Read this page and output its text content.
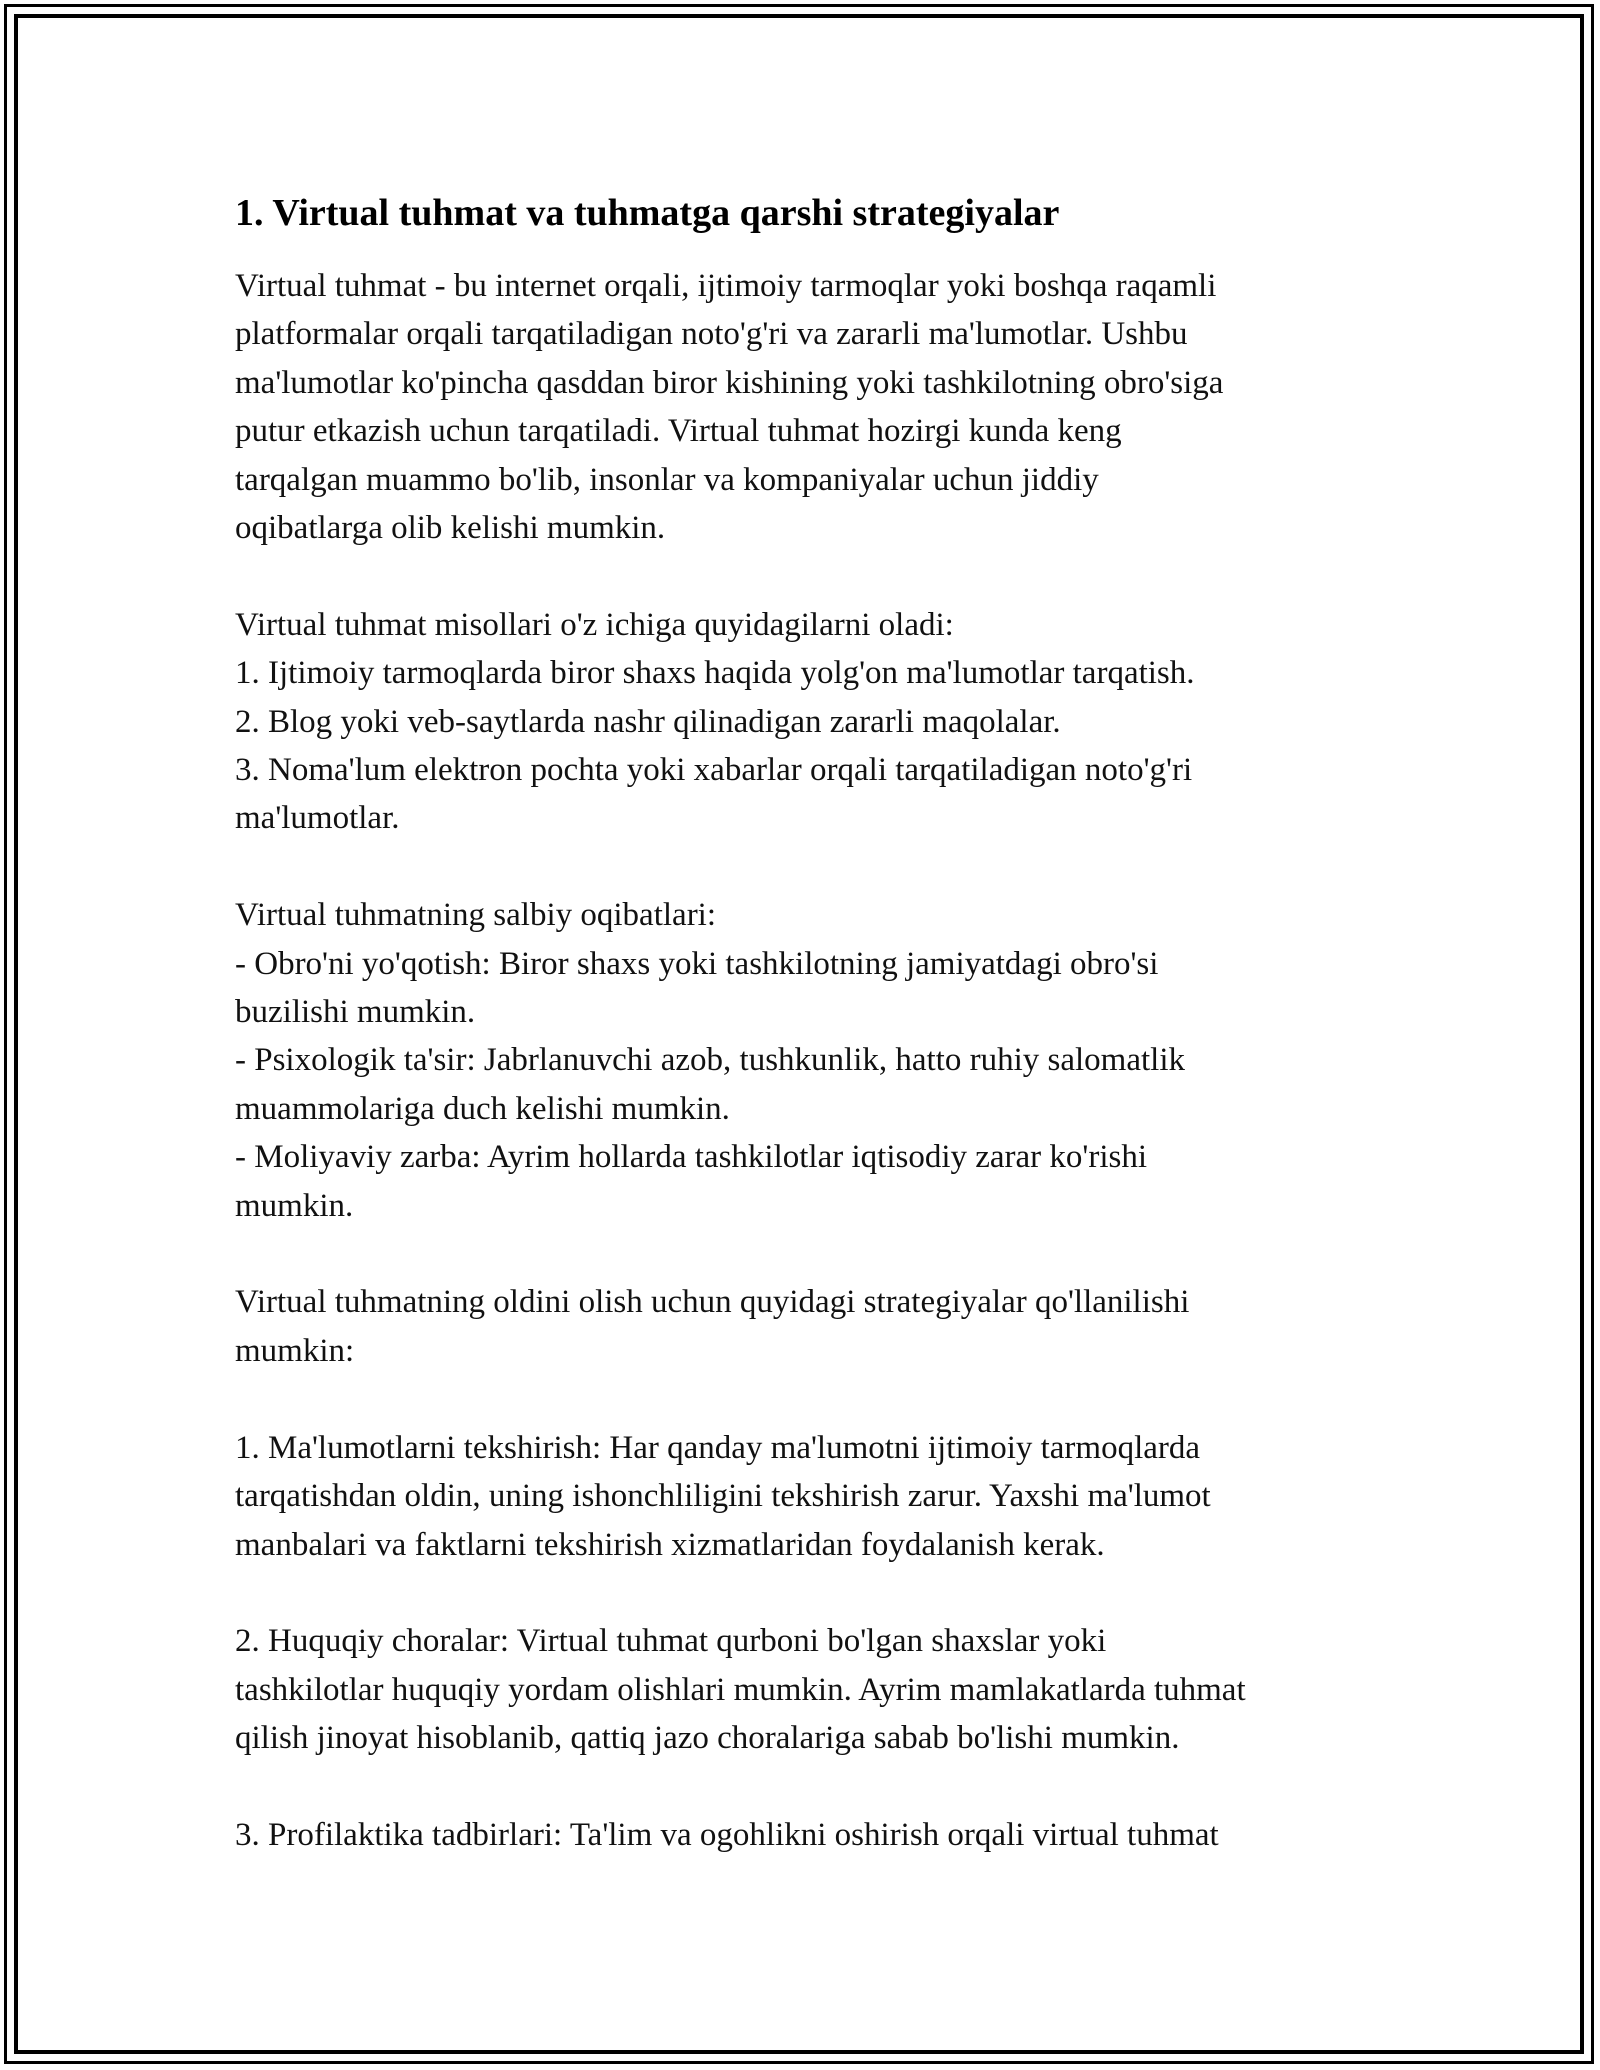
1. Virtual tuhmat va tuhmatga qarshi strategiyalar
Virtual tuhmat - bu internet orqali, ijtimoiy tarmoqlar yoki boshqa raqamli
platformalar orqali tarqatiladigan noto'g'ri va zararli ma'lumotlar. Ushbu
ma'lumotlar ko'pincha qasddan biror kishining yoki tashkilotning obro'siga
putur etkazish uchun tarqatiladi. Virtual tuhmat hozirgi kunda keng
tarqalgan muammo bo'lib, insonlar va kompaniyalar uchun jiddiy
oqibatlarga olib kelishi mumkin.
Virtual tuhmat misollari o'z ichiga quyidagilarni oladi:
1. Ijtimoiy tarmoqlarda biror shaxs haqida yolg'on ma'lumotlar tarqatish.
2. Blog yoki veb-saytlarda nashr qilinadigan zararli maqolalar.
3. Noma'lum elektron pochta yoki xabarlar orqali tarqatiladigan noto'g'ri
ma'lumotlar.
Virtual tuhmatning salbiy oqibatlari:
- Obro'ni yo'qotish: Biror shaxs yoki tashkilotning jamiyatdagi obro'si
buzilishi mumkin.
- Psixologik ta'sir: Jabrlanuvchi azob, tushkunlik, hatto ruhiy salomatlik
muammolariga duch kelishi mumkin.
- Moliyaviy zarba: Ayrim hollarda tashkilotlar iqtisodiy zarar ko'rishi
mumkin.
Virtual tuhmatning oldini olish uchun quyidagi strategiyalar qo'llanilishi
mumkin:
1. Ma'lumotlarni tekshirish: Har qanday ma'lumotni ijtimoiy tarmoqlarda
tarqatishdan oldin, uning ishonchliligini tekshirish zarur. Yaxshi ma'lumot
manbalari va faktlarni tekshirish xizmatlaridan foydalanish kerak.
2. Huquqiy choralar: Virtual tuhmat qurboni bo'lgan shaxslar yoki
tashkilotlar huquqiy yordam olishlari mumkin. Ayrim mamlakatlarda tuhmat
qilish jinoyat hisoblanib, qattiq jazo choralariga sabab bo'lishi mumkin.
3. Profilaktika tadbirlari: Ta'lim va ogohlikni oshirish orqali virtual tuhmat
